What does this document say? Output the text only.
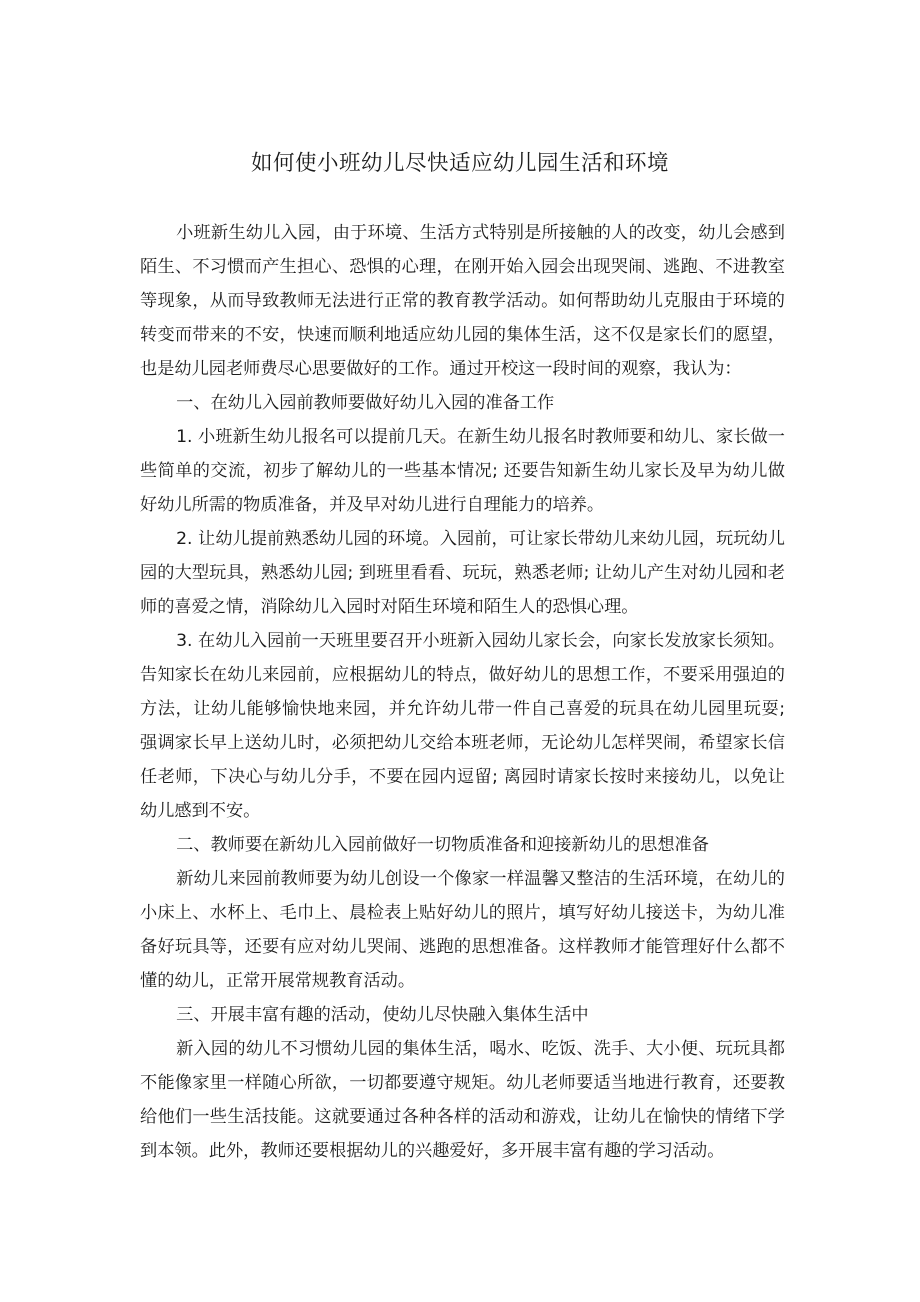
如何使小班幼儿尽快适应幼儿园生活和环境

小班新生幼儿入园，由于环境、生活方式特别是所接触的人的改变，幼儿会感到陌生、不习惯而产生担心、恐惧的心理，在刚开始入园会出现哭闹、逃跑、不进教室等现象，从而导致教师无法进行正常的教育教学活动。如何帮助幼儿克服由于环境的转变而带来的不安，快速而顺利地适应幼儿园的集体生活，这不仅是家长们的愿望，也是幼儿园老师费尽心思要做好的工作。通过开校这一段时间的观察，我认为：

一、在幼儿入园前教师要做好幼儿入园的准备工作

1. 小班新生幼儿报名可以提前几天。在新生幼儿报名时教师要和幼儿、家长做一些简单的交流，初步了解幼儿的一些基本情况; 还要告知新生幼儿家长及早为幼儿做好幼儿所需的物质准备，并及早对幼儿进行自理能力的培养。

2. 让幼儿提前熟悉幼儿园的环境。入园前，可让家长带幼儿来幼儿园，玩玩幼儿园的大型玩具，熟悉幼儿园; 到班里看看、玩玩，熟悉老师; 让幼儿产生对幼儿园和老师的喜爱之情，消除幼儿入园时对陌生环境和陌生人的恐惧心理。

3. 在幼儿入园前一天班里要召开小班新入园幼儿家长会，向家长发放家长须知。告知家长在幼儿来园前，应根据幼儿的特点，做好幼儿的思想工作，不要采用强迫的方法，让幼儿能够愉快地来园，并允许幼儿带一件自己喜爱的玩具在幼儿园里玩耍; 强调家长早上送幼儿时，必须把幼儿交给本班老师，无论幼儿怎样哭闹，希望家长信任老师，下决心与幼儿分手，不要在园内逗留; 离园时请家长按时来接幼儿，以免让幼儿感到不安。

二、教师要在新幼儿入园前做好一切物质准备和迎接新幼儿的思想准备

新幼儿来园前教师要为幼儿创设一个像家一样温馨又整洁的生活环境，在幼儿的小床上、水杯上、毛巾上、晨检表上贴好幼儿的照片，填写好幼儿接送卡，为幼儿准备好玩具等，还要有应对幼儿哭闹、逃跑的思想准备。这样教师才能管理好什么都不懂的幼儿，正常开展常规教育活动。

三、开展丰富有趣的活动，使幼儿尽快融入集体生活中

新入园的幼儿不习惯幼儿园的集体生活，喝水、吃饭、洗手、大小便、玩玩具都不能像家里一样随心所欲，一切都要遵守规矩。幼儿老师要适当地进行教育，还要教给他们一些生活技能。这就要通过各种各样的活动和游戏，让幼儿在愉快的情绪下学到本领。此外，教师还要根据幼儿的兴趣爱好，多开展丰富有趣的学习活动。
